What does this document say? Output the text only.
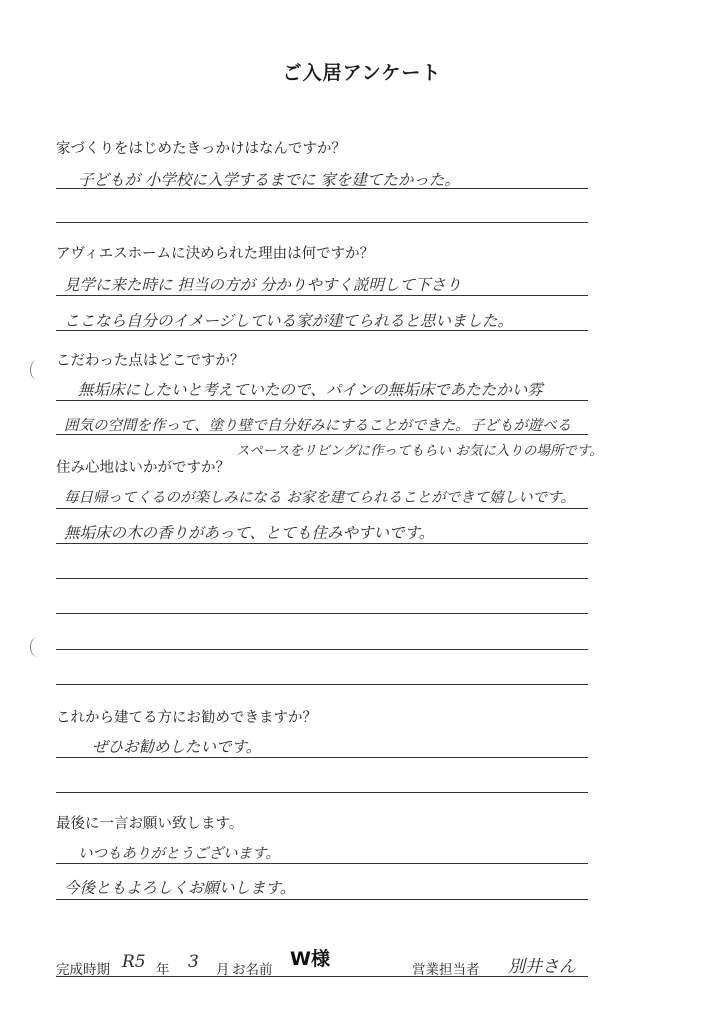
ご入居アンケート
家づくりをはじめたきっかけはなんですか？
子どもが 小学校に入学するまでに 家を建てたかった。
アヴィエスホームに決められた理由は何ですか？
見学に来た時に 担当の方が 分かりやすく説明して下さり
ここなら自分のイメージしている家が建てられると思いました。
こだわった点はどこですか？
無垢床にしたいと考えていたので、パインの無垢床であたたかい雰
囲気の空間を作って、塗り壁で自分好みにすることができた。子どもが遊べる
スペースをリビングに作ってもらい お気に入りの場所です。
住み心地はいかがですか？
毎日帰ってくるのが楽しみになる お家を建てられることができて嬉しいです。
無垢床の木の香りがあって、とても住みやすいです。
これから建てる方にお勧めできますか？
ぜひお勧めしたいです。
最後に一言お願い致します。
いつもありがとうございます。
今後ともよろしくお願いします。
完成時期 R5 年 3 月 お名前 W様	営業担当者 別井さん
